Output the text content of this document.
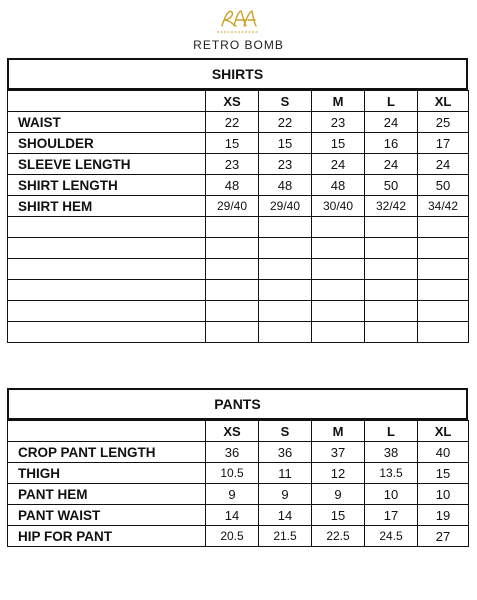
RETRO BOMB
SHIRTS
	XS	S	M	L	XL
WAIST	22	22	23	24	25
SHOULDER	15	15	15	16	17
SLEEVE LENGTH	23	23	24	24	24
SHIRT LENGTH	48	48	48	50	50
SHIRT HEM	29/40	29/40	30/40	32/42	34/42

PANTS
	XS	S	M	L	XL
CROP PANT LENGTH	36	36	37	38	40
THIGH	10.5	11	12	13.5	15
PANT HEM	9	9	9	10	10
PANT WAIST	14	14	15	17	19
HIP FOR PANT	20.5	21.5	22.5	24.5	27
